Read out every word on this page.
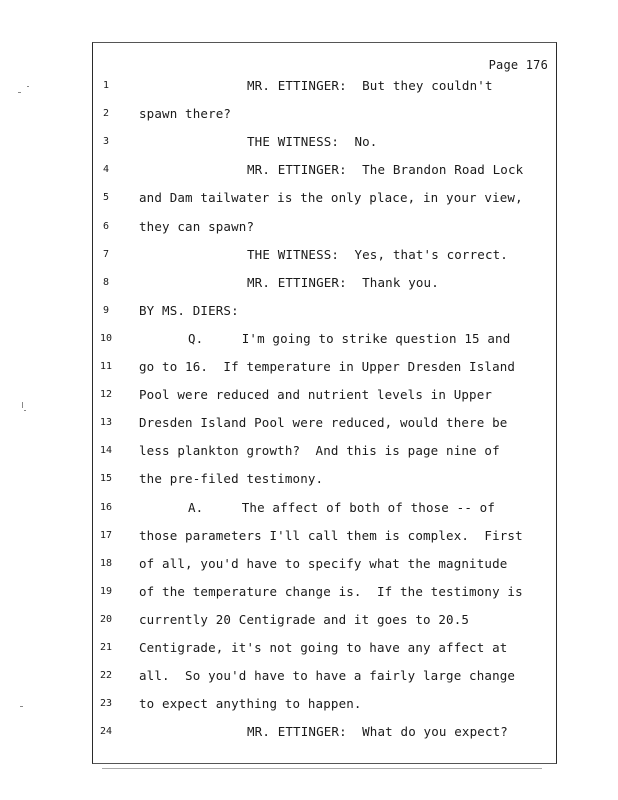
Page 176
1	MR. ETTINGER:  But they couldn't
2	spawn there?
3	THE WITNESS:  No.
4	MR. ETTINGER:  The Brandon Road Lock
5	and Dam tailwater is the only place, in your view,
6	they can spawn?
7	THE WITNESS:  Yes, that's correct.
8	MR. ETTINGER:  Thank you.
9	BY MS. DIERS:
10	Q.     I'm going to strike question 15 and
11	go to 16.  If temperature in Upper Dresden Island
12	Pool were reduced and nutrient levels in Upper
13	Dresden Island Pool were reduced, would there be
14	less plankton growth?  And this is page nine of
15	the pre-filed testimony.
16	A.     The affect of both of those -- of
17	those parameters I'll call them is complex.  First
18	of all, you'd have to specify what the magnitude
19	of the temperature change is.  If the testimony is
20	currently 20 Centigrade and it goes to 20.5
21	Centigrade, it's not going to have any affect at
22	all.  So you'd have to have a fairly large change
23	to expect anything to happen.
24	MR. ETTINGER:  What do you expect?
